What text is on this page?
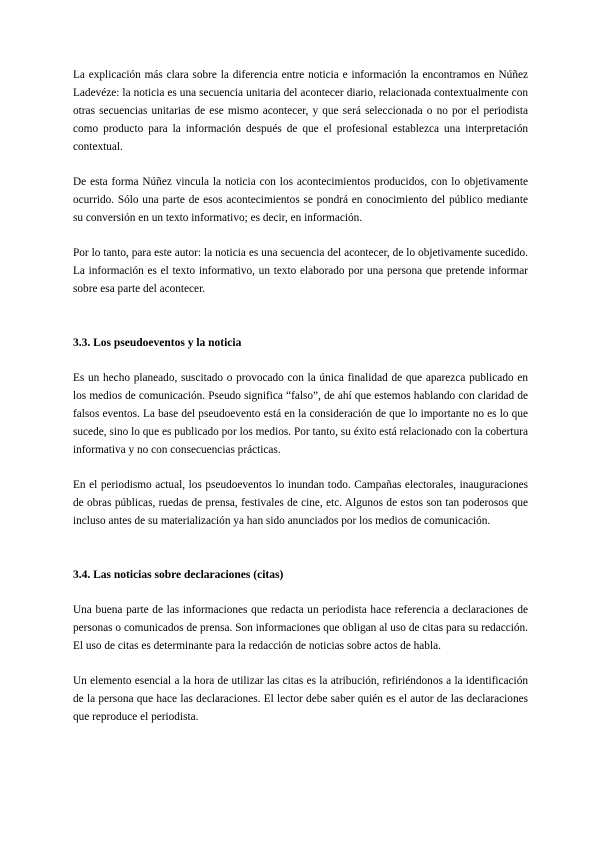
La explicación más clara sobre la diferencia entre noticia e información la encontramos en Núñez Ladevéze: la noticia es una secuencia unitaria del acontecer diario, relacionada contextualmente con otras secuencias unitarias de ese mismo acontecer, y que será seleccionada o no por el periodista como producto para la información después de que el profesional establezca una interpretación contextual.

De esta forma Núñez vincula la noticia con los acontecimientos producidos, con lo objetivamente ocurrido. Sólo una parte de esos acontecimientos se pondrá en conocimiento del público mediante su conversión en un texto informativo; es decir, en información.

Por lo tanto, para este autor: la noticia es una secuencia del acontecer, de lo objetivamente sucedido. La información es el texto informativo, un texto elaborado por una persona que pretende informar sobre esa parte del acontecer.

3.3. Los pseudoeventos y la noticia

Es un hecho planeado, suscitado o provocado con la única finalidad de que aparezca publicado en los medios de comunicación. Pseudo significa “falso”, de ahí que estemos hablando con claridad de falsos eventos. La base del pseudoevento está en la consideración de que lo importante no es lo que sucede, sino lo que es publicado por los medios. Por tanto, su éxito está relacionado con la cobertura informativa y no con consecuencias prácticas.

En el periodismo actual, los pseudoeventos lo inundan todo. Campañas electorales, inauguraciones de obras públicas, ruedas de prensa, festivales de cine, etc. Algunos de estos son tan poderosos que incluso antes de su materialización ya han sido anunciados por los medios de comunicación.

3.4. Las noticias sobre declaraciones (citas)

Una buena parte de las informaciones que redacta un periodista hace referencia a declaraciones de personas o comunicados de prensa. Son informaciones que obligan al uso de citas para su redacción. El uso de citas es determinante para la redacción de noticias sobre actos de habla.

Un elemento esencial a la hora de utilizar las citas es la atribución, refiriéndonos a la identificación de la persona que hace las declaraciones. El lector debe saber quién es el autor de las declaraciones que reproduce el periodista.
